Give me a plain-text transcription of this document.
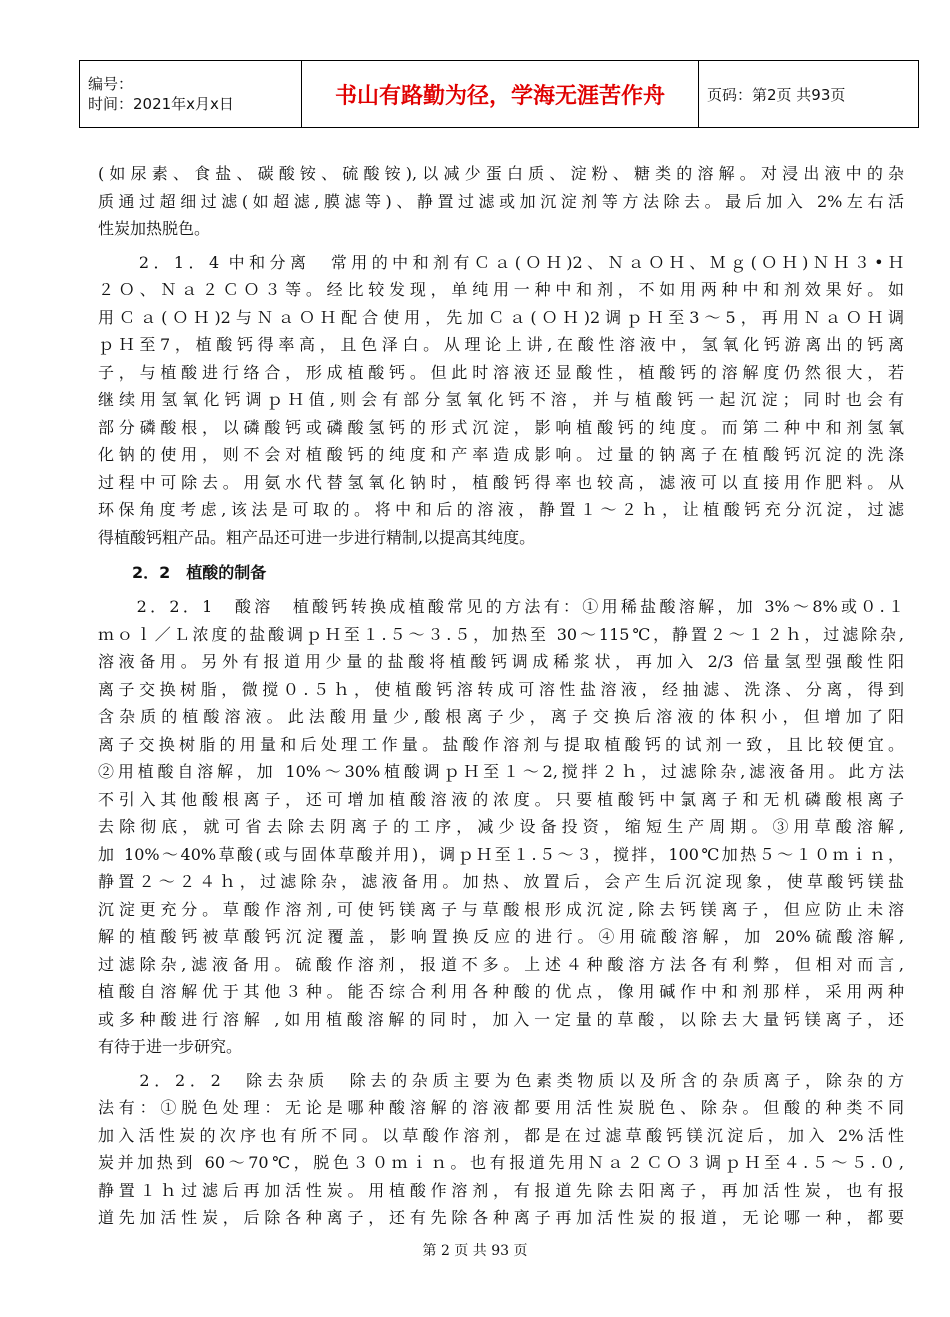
编号：
时间：2021年x月x日	书山有路勤为径，学海无涯苦作舟	页码：第2页 共93页
(如尿素、食盐、碳酸铵、硫酸铵),以减少蛋白质、淀粉、糖类的溶解。对浸出液中的杂
质通过超细过滤(如超滤,膜滤等)、静置过滤或加沉淀剂等方法除去。最后加入 2%左右活
性炭加热脱色。
　　2．1．4 中和分离　常用的中和剂有Ｃａ(ＯＨ)2、ＮａＯＨ、Ｍｇ(ＯＨ)ＮＨ３•Ｈ
２Ｏ、Ｎａ２ＣＯ３等。经比较发现，单纯用一种中和剂，不如用两种中和剂效果好。如
用Ｃａ(ＯＨ)2与ＮａＯＨ配合使用，先加Ｃａ(ＯＨ)2调ｐＨ至3～5，再用ＮａＯＨ调
ｐＨ至7，植酸钙得率高，且色泽白。从理论上讲,在酸性溶液中，氢氧化钙游离出的钙离
子，与植酸进行络合，形成植酸钙。但此时溶液还显酸性，植酸钙的溶解度仍然很大，若
继续用氢氧化钙调ｐＨ值,则会有部分氢氧化钙不溶，并与植酸钙一起沉淀；同时也会有
部分磷酸根，以磷酸钙或磷酸氢钙的形式沉淀，影响植酸钙的纯度。而第二种中和剂氢氧
化钠的使用，则不会对植酸钙的纯度和产率造成影响。过量的钠离子在植酸钙沉淀的洗涤
过程中可除去。用氨水代替氢氧化钠时，植酸钙得率也较高，滤液可以直接用作肥料。从
环保角度考虑,该法是可取的。将中和后的溶液，静置１～２ｈ，让植酸钙充分沉淀，过滤
得植酸钙粗产品。粗产品还可进一步进行精制,以提高其纯度。
2．2　植酸的制备
　　2．2．1　酸溶　植酸钙转换成植酸常见的方法有：①用稀盐酸溶解，加 3%～8%或０.１
ｍｏｌ／Ｌ浓度的盐酸调ｐＨ至１.５～３.５，加热至 30～115℃，静置２～１２ｈ，过滤除杂,
溶液备用。另外有报道用少量的盐酸将植酸钙调成稀浆状，再加入 2/3 倍量氢型强酸性阳
离子交换树脂，微搅０.５ｈ，使植酸钙溶转成可溶性盐溶液，经抽滤、洗涤、分离，得到
含杂质的植酸溶液。此法酸用量少,酸根离子少，离子交换后溶液的体积小，但增加了阳
离子交换树脂的用量和后处理工作量。盐酸作溶剂与提取植酸钙的试剂一致，且比较便宜。
②用植酸自溶解，加 10%～30%植酸调ｐＨ至１～2,搅拌２ｈ，过滤除杂,滤液备用。此方法
不引入其他酸根离子，还可增加植酸溶液的浓度。只要植酸钙中氯离子和无机磷酸根离子
去除彻底，就可省去除去阴离子的工序，减少设备投资，缩短生产周期。③用草酸溶解,
加 10%～40%草酸(或与固体草酸并用)，调ｐＨ至１.５～３，搅拌，100℃加热５～１０ｍｉｎ，
静置２～２４ｈ，过滤除杂，滤液备用。加热、放置后，会产生后沉淀现象，使草酸钙镁盐
沉淀更充分。草酸作溶剂,可使钙镁离子与草酸根形成沉淀,除去钙镁离子，但应防止未溶
解的植酸钙被草酸钙沉淀覆盖，影响置换反应的进行。④用硫酸溶解，加 20%硫酸溶解,
过滤除杂,滤液备用。硫酸作溶剂，报道不多。上述４种酸溶方法各有利弊，但相对而言,
植酸自溶解优于其他３种。能否综合利用各种酸的优点，像用碱作中和剂那样，采用两种
或多种酸进行溶解 ,如用植酸溶解的同时，加入一定量的草酸，以除去大量钙镁离子，还
有待于进一步研究。
　　2．2．2　除去杂质　除去的杂质主要为色素类物质以及所含的杂质离子，除杂的方
法有：①脱色处理：无论是哪种酸溶解的溶液都要用活性炭脱色、除杂。但酸的种类不同
加入活性炭的次序也有所不同。以草酸作溶剂，都是在过滤草酸钙镁沉淀后，加入 2%活性
炭并加热到 60～70℃，脱色３０ｍｉｎ。也有报道先用Ｎａ２ＣＯ３调ｐＨ至４.５～５.０,
静置１ｈ过滤后再加活性炭。用植酸作溶剂，有报道先除去阳离子，再加活性炭，也有报
道先加活性炭，后除各种离子，还有先除各种离子再加活性炭的报道，无论哪一种，都要
第 2 页 共 93 页
